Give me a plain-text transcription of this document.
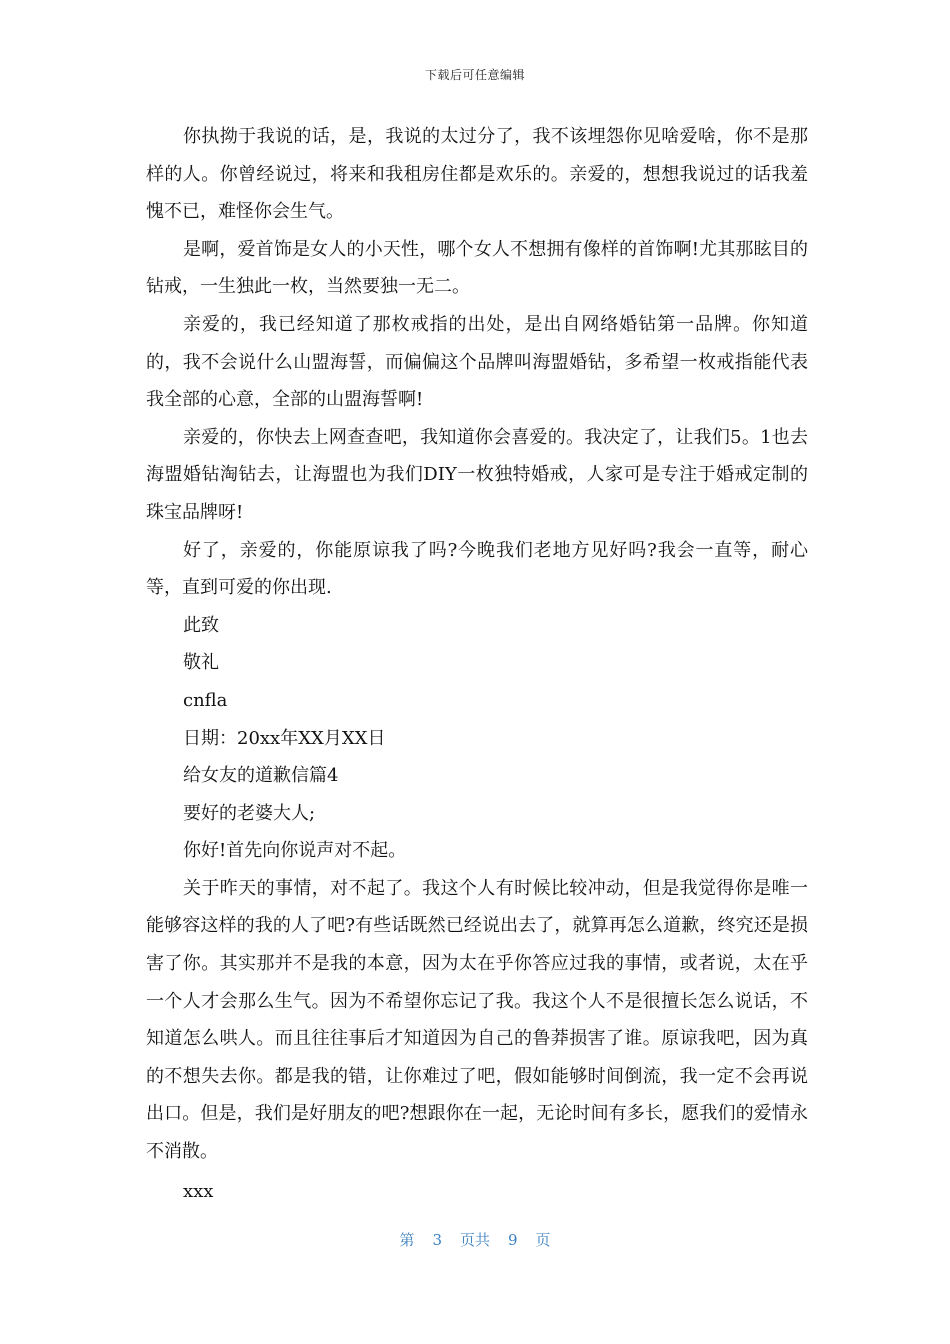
下载后可任意编辑

你执拗于我说的话，是，我说的太过分了，我不该埋怨你见啥爱啥，你不是那样的人。你曾经说过，将来和我租房住都是欢乐的。亲爱的，想想我说过的话我羞愧不已，难怪你会生气。

是啊，爱首饰是女人的小天性，哪个女人不想拥有像样的首饰啊!尤其那眩目的钻戒，一生独此一枚，当然要独一无二。

亲爱的，我已经知道了那枚戒指的出处，是出自网络婚钻第一品牌。你知道的，我不会说什么山盟海誓，而偏偏这个品牌叫海盟婚钻，多希望一枚戒指能代表我全部的心意，全部的山盟海誓啊!

亲爱的，你快去上网查查吧，我知道你会喜爱的。我决定了，让我们5。1也去海盟婚钻淘钻去，让海盟也为我们DIY一枚独特婚戒，人家可是专注于婚戒定制的珠宝品牌呀!

好了，亲爱的，你能原谅我了吗?今晚我们老地方见好吗?我会一直等，耐心等，直到可爱的你出现.

此致

敬礼

cnfla

日期：20xx年XX月XX日

给女友的道歉信篇4

要好的老婆大人;

你好!首先向你说声对不起。

关于昨天的事情，对不起了。我这个人有时候比较冲动，但是我觉得你是唯一能够容这样的我的人了吧?有些话既然已经说出去了，就算再怎么道歉，终究还是损害了你。其实那并不是我的本意，因为太在乎你答应过我的事情，或者说，太在乎一个人才会那么生气。因为不希望你忘记了我。我这个人不是很擅长怎么说话，不知道怎么哄人。而且往往事后才知道因为自己的鲁莽损害了谁。原谅我吧，因为真的不想失去你。都是我的错，让你难过了吧，假如能够时间倒流，我一定不会再说出口。但是，我们是好朋友的吧?想跟你在一起，无论时间有多长，愿我们的爱情永不消散。

xxx

第 3 页共 9 页
